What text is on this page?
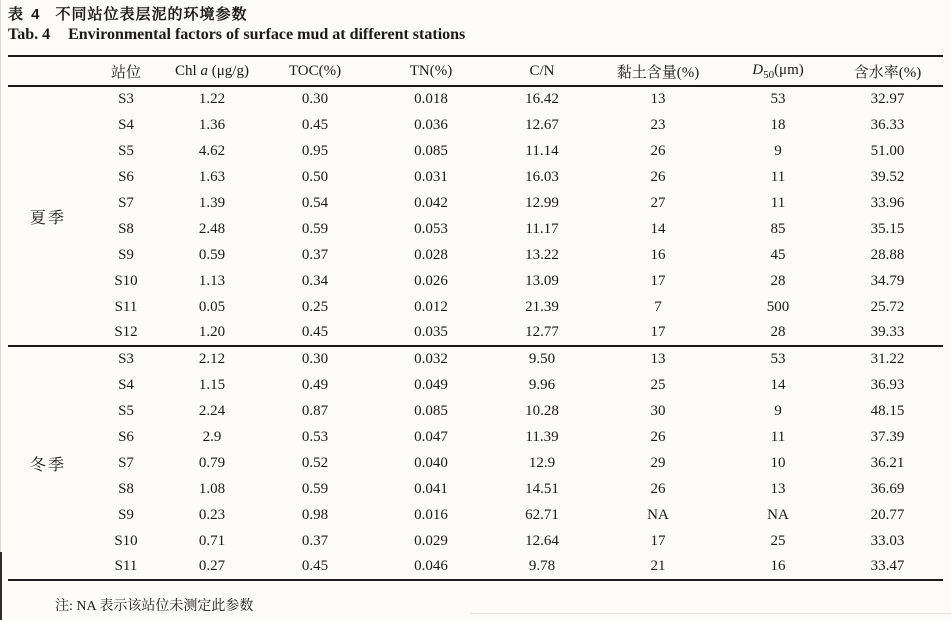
表 4 不同站位表层泥的环境参数
Tab. 4 Environmental factors of surface mud at different stations
	站位	Chl a (μg/g)	TOC(%)	TN(%)	C/N	黏土含量(%)	$D_{50}(\mu m)$	含水率(%)
夏季	S3	1.22	0.30	0.018	16.42	13	53	32.97
	S4	1.36	0.45	0.036	12.67	23	18	36.33
	S5	4.62	0.95	0.085	11.14	26	9	51.00
	S6	1.63	0.50	0.031	16.03	26	11	39.52
	S7	1.39	0.54	0.042	12.99	27	11	33.96
	S8	2.48	0.59	0.053	11.17	14	85	35.15
	S9	0.59	0.37	0.028	13.22	16	45	28.88
	S10	1.13	0.34	0.026	13.09	17	28	34.79
	S11	0.05	0.25	0.012	21.39	7	500	25.72
	S12	1.20	0.45	0.035	12.77	17	28	39.33
冬季	S3	2.12	0.30	0.032	9.50	13	53	31.22
	S4	1.15	0.49	0.049	9.96	25	14	36.93
	S5	2.24	0.87	0.085	10.28	30	9	48.15
	S6	2.9	0.53	0.047	11.39	26	11	37.39
	S7	0.79	0.52	0.040	12.9	29	10	36.21
	S8	1.08	0.59	0.041	14.51	26	13	36.69
	S9	0.23	0.98	0.016	62.71	NA	NA	20.77
	S10	0.71	0.37	0.029	12.64	17	25	33.03
	S11	0.27	0.45	0.046	9.78	21	16	33.47
注: NA 表示该站位未测定此参数
